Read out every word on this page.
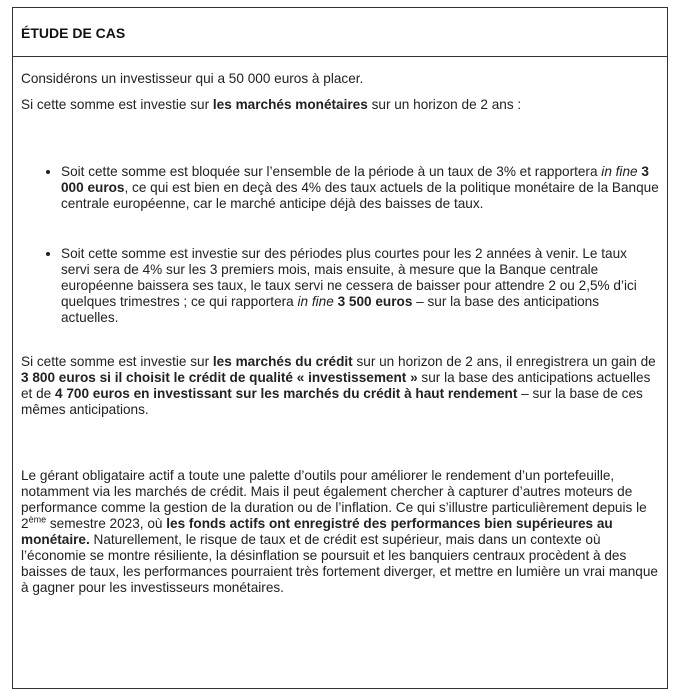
ÉTUDE DE CAS

Considérons un investisseur qui a 50 000 euros à placer.

Si cette somme est investie sur les marchés monétaires sur un horizon de 2 ans :

• Soit cette somme est bloquée sur l’ensemble de la période à un taux de 3% et rapportera in fine 3 000 euros, ce qui est bien en deçà des 4% des taux actuels de la politique monétaire de la Banque centrale européenne, car le marché anticipe déjà des baisses de taux.
• Soit cette somme est investie sur des périodes plus courtes pour les 2 années à venir. Le taux servi sera de 4% sur les 3 premiers mois, mais ensuite, à mesure que la Banque centrale européenne baissera ses taux, le taux servi ne cessera de baisser pour attendre 2 ou 2,5% d’ici quelques trimestres ; ce qui rapportera in fine 3 500 euros – sur la base des anticipations actuelles.

Si cette somme est investie sur les marchés du crédit sur un horizon de 2 ans, il enregistrera un gain de 3 800 euros si il choisit le crédit de qualité « investissement » sur la base des anticipations actuelles et de 4 700 euros en investissant sur les marchés du crédit à haut rendement – sur la base de ces mêmes anticipations.

Le gérant obligataire actif a toute une palette d’outils pour améliorer le rendement d’un portefeuille, notamment via les marchés de crédit. Mais il peut également chercher à capturer d’autres moteurs de performance comme la gestion de la duration ou de l’inflation. Ce qui s’illustre particulièrement depuis le 2ème semestre 2023, où les fonds actifs ont enregistré des performances bien supérieures au monétaire. Naturellement, le risque de taux et de crédit est supérieur, mais dans un contexte où l’économie se montre résiliente, la désinflation se poursuit et les banquiers centraux procèdent à des baisses de taux, les performances pourraient très fortement diverger, et mettre en lumière un vrai manque à gagner pour les investisseurs monétaires.
